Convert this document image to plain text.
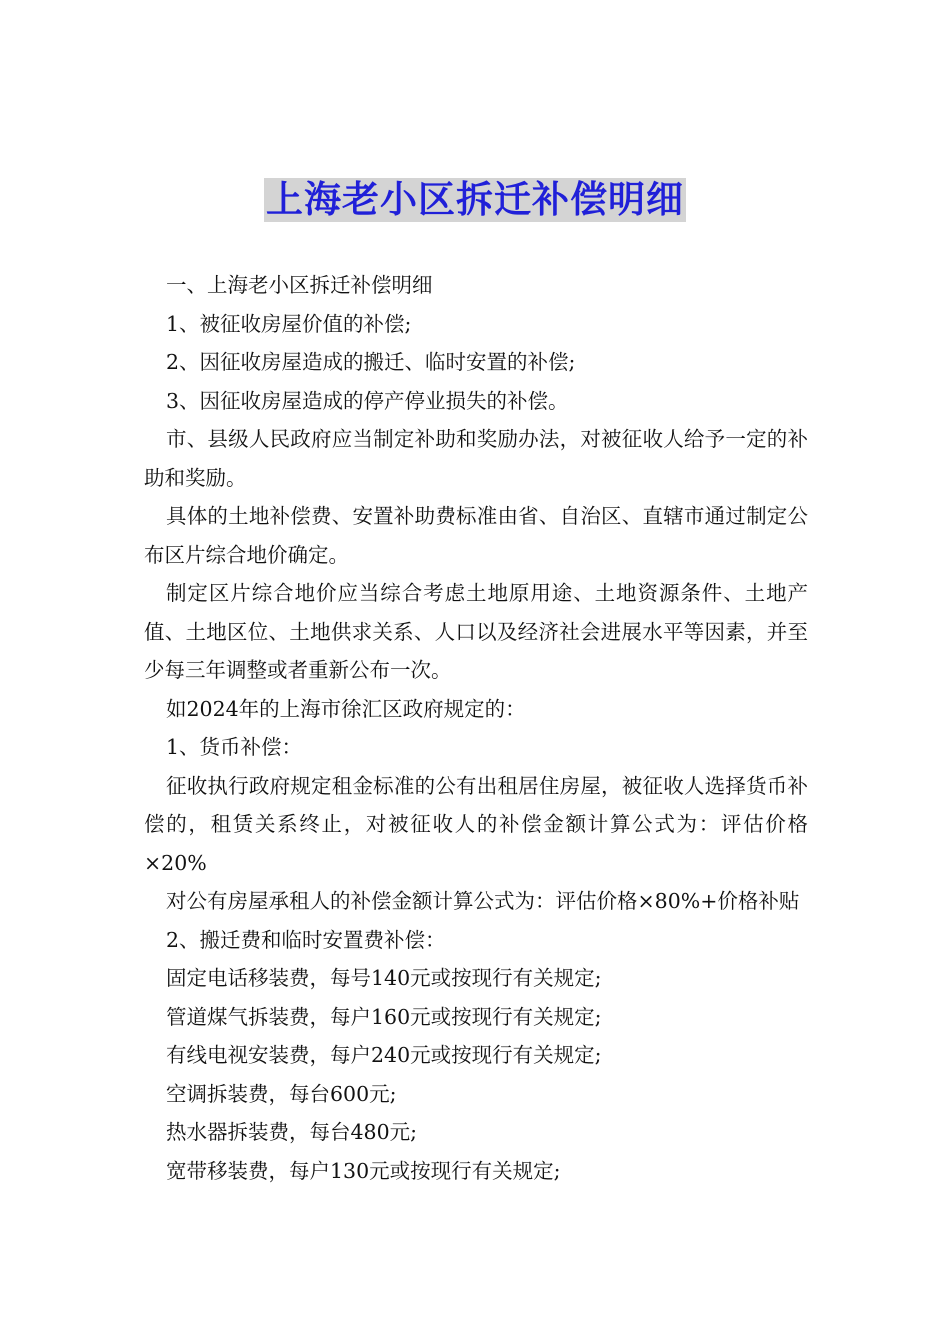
上海老小区拆迁补偿明细

一、上海老小区拆迁补偿明细

1、被征收房屋价值的补偿;

2、因征收房屋造成的搬迁、临时安置的补偿;

3、因征收房屋造成的停产停业损失的补偿。

市、县级人民政府应当制定补助和奖励办法，对被征收人给予一定的补助和奖励。

具体的土地补偿费、安置补助费标准由省、自治区、直辖市通过制定公布区片综合地价确定。

制定区片综合地价应当综合考虑土地原用途、土地资源条件、土地产值、土地区位、土地供求关系、人口以及经济社会进展水平等因素，并至少每三年调整或者重新公布一次。

如2024年的上海市徐汇区政府规定的：

1、货币补偿：

征收执行政府规定租金标准的公有出租居住房屋，被征收人选择货币补偿的，租赁关系终止，对被征收人的补偿金额计算公式为：评估价格×20%

对公有房屋承租人的补偿金额计算公式为：评估价格×80%+价格补贴

2、搬迁费和临时安置费补偿：

固定电话移装费，每号140元或按现行有关规定;

管道煤气拆装费，每户160元或按现行有关规定;

有线电视安装费，每户240元或按现行有关规定;

空调拆装费，每台600元;

热水器拆装费，每台480元;

宽带移装费，每户130元或按现行有关规定;
